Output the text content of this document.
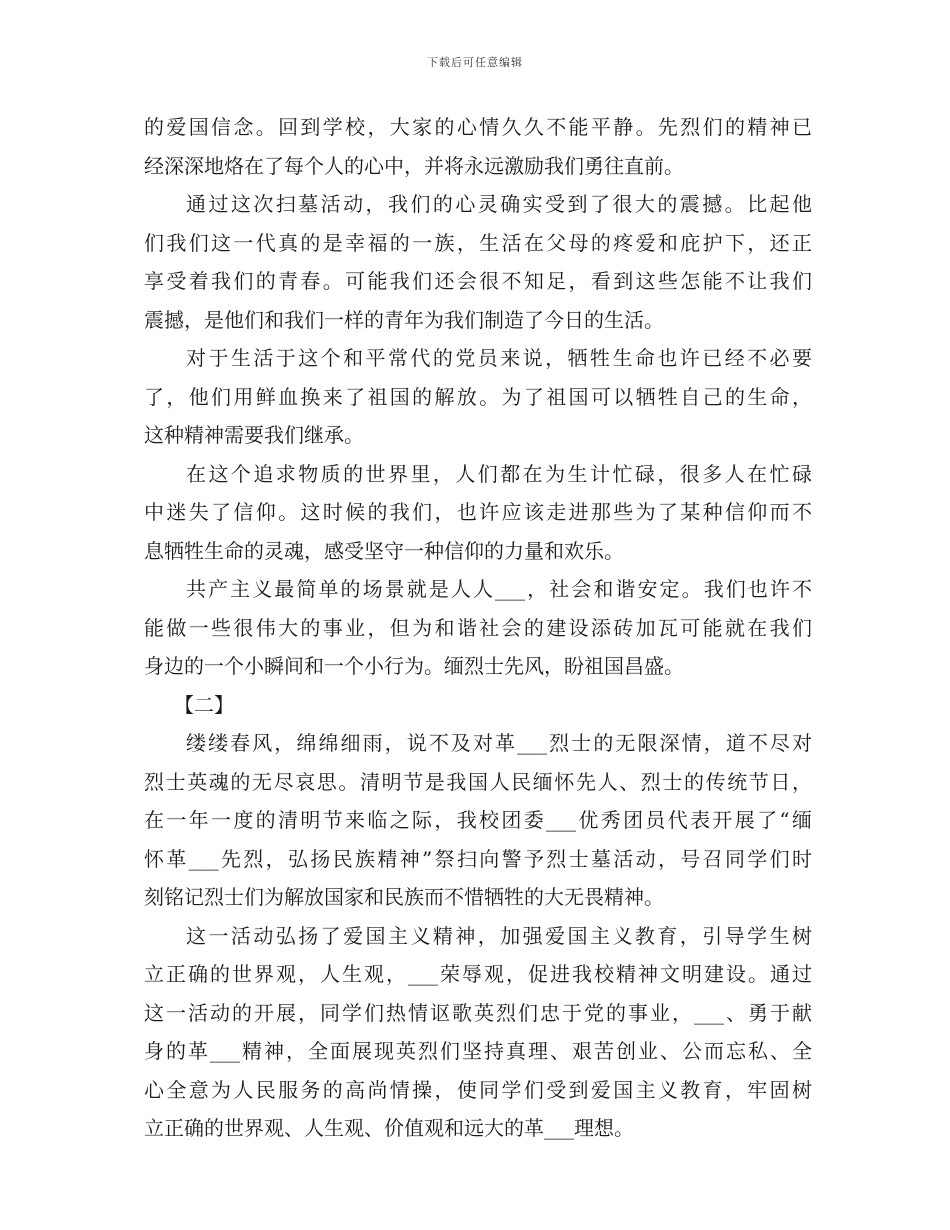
下载后可任意编辑
的爱国信念。回到学校，大家的心情久久不能平静。先烈们的精神已
经深深地烙在了每个人的心中，并将永远激励我们勇往直前。
通过这次扫墓活动，我们的心灵确实受到了很大的震撼。比起他
们我们这一代真的是幸福的一族，生活在父母的疼爱和庇护下，还正
享受着我们的青春。可能我们还会很不知足，看到这些怎能不让我们
震撼，是他们和我们一样的青年为我们制造了今日的生活。
对于生活于这个和平常代的党员来说，牺牲生命也许已经不必要
了，他们用鲜血换来了祖国的解放。为了祖国可以牺牲自己的生命，
这种精神需要我们继承。
在这个追求物质的世界里，人们都在为生计忙碌，很多人在忙碌
中迷失了信仰。这时候的我们，也许应该走进那些为了某种信仰而不
息牺牲生命的灵魂，感受坚守一种信仰的力量和欢乐。
共产主义最简单的场景就是人人___，社会和谐安定。我们也许不
能做一些很伟大的事业，但为和谐社会的建设添砖加瓦可能就在我们
身边的一个小瞬间和一个小行为。缅烈士先风，盼祖国昌盛。
【二】
缕缕春风，绵绵细雨，说不及对革___烈士的无限深情，道不尽对
烈士英魂的无尽哀思。清明节是我国人民缅怀先人、烈士的传统节日，
在一年一度的清明节来临之际，我校团委___优秀团员代表开展了“缅
怀革___先烈，弘扬民族精神”祭扫向警予烈士墓活动，号召同学们时
刻铭记烈士们为解放国家和民族而不惜牺牲的大无畏精神。
这一活动弘扬了爱国主义精神，加强爱国主义教育，引导学生树
立正确的世界观，人生观，___荣辱观，促进我校精神文明建设。通过
这一活动的开展，同学们热情讴歌英烈们忠于党的事业，___、勇于献
身的革___精神，全面展现英烈们坚持真理、艰苦创业、公而忘私、全
心全意为人民服务的高尚情操，使同学们受到爱国主义教育，牢固树
立正确的世界观、人生观、价值观和远大的革___理想。
